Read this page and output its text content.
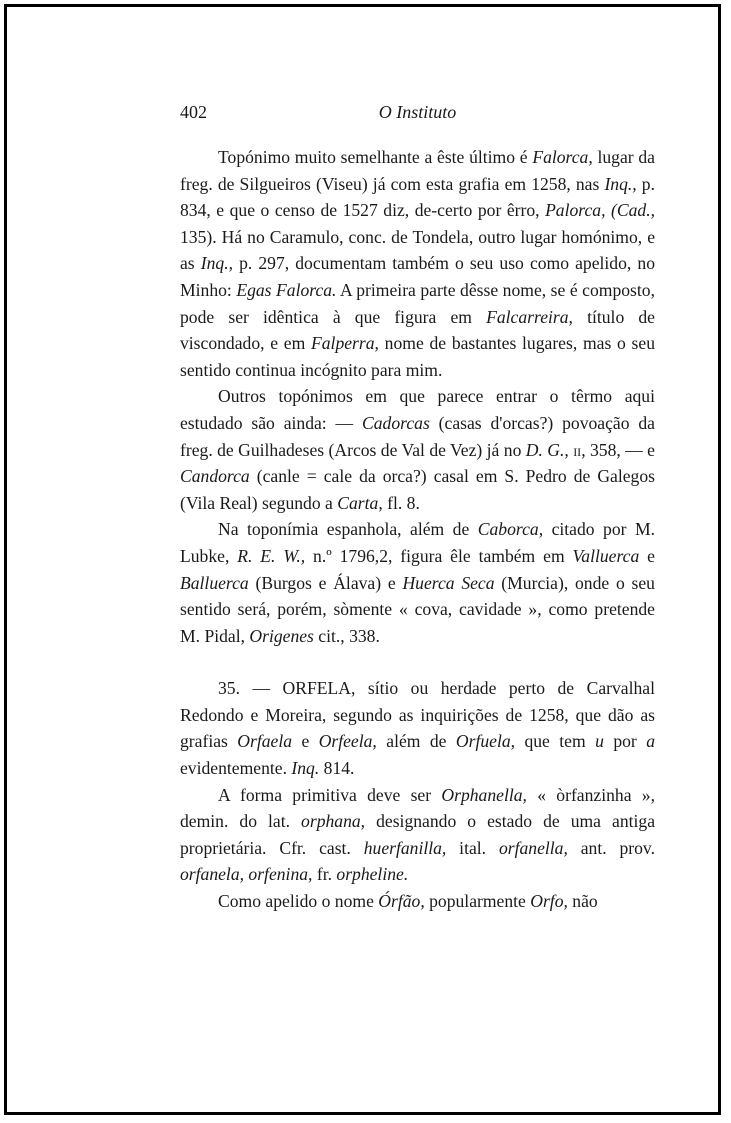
402	O Instituto

Topónimo muito semelhante a êste último é Falorca, lugar da freg. de Silgueiros (Viseu) já com esta grafia em 1258, nas Inq., p. 834, e que o censo de 1527 diz, de-certo por êrro, Palorca, (Cad., 135). Há no Caramulo, conc. de Tondela, outro lugar homónimo, e as Inq., p. 297, documentam também o seu uso como apelido, no Minho: Egas Falorca. A primeira parte dêsse nome, se é composto, pode ser idêntica à que figura em Falcarreira, título de viscondado, e em Falperra, nome de bastantes lugares, mas o seu sentido continua incógnito para mim.

Outros topónimos em que parece entrar o têrmo aqui estudado são ainda: — Cadorcas (casas d'orcas?) povoação da freg. de Guilhadeses (Arcos de Val de Vez) já no D. G., ii, 358, — e Candorca (canle = cale da orca?) casal em S. Pedro de Galegos (Vila Real) segundo a Carta, fl. 8.

Na toponímia espanhola, além de Caborca, citado por M. Lubke, R. E. W., n.º 1796,2, figura êle também em Valluerca e Balluerca (Burgos e Álava) e Huerca Seca (Murcia), onde o seu sentido será, porém, sòmente « cova, cavidade », como pretende M. Pidal, Origenes cit., 338.

35. — ORFELA, sítio ou herdade perto de Carvalhal Redondo e Moreira, segundo as inquirições de 1258, que dão as grafias Orfaela e Orfeela, além de Orfuela, que tem u por a evidentemente. Inq. 814.

A forma primitiva deve ser Orphanella, « òrfanzinha », demin. do lat. orphana, designando o estado de uma antiga proprietária. Cfr. cast. huerfanilla, ital. orfanella, ant. prov. orfanela, orfenina, fr. orpheline.

Como apelido o nome Órfão, popularmente Orfo, não
